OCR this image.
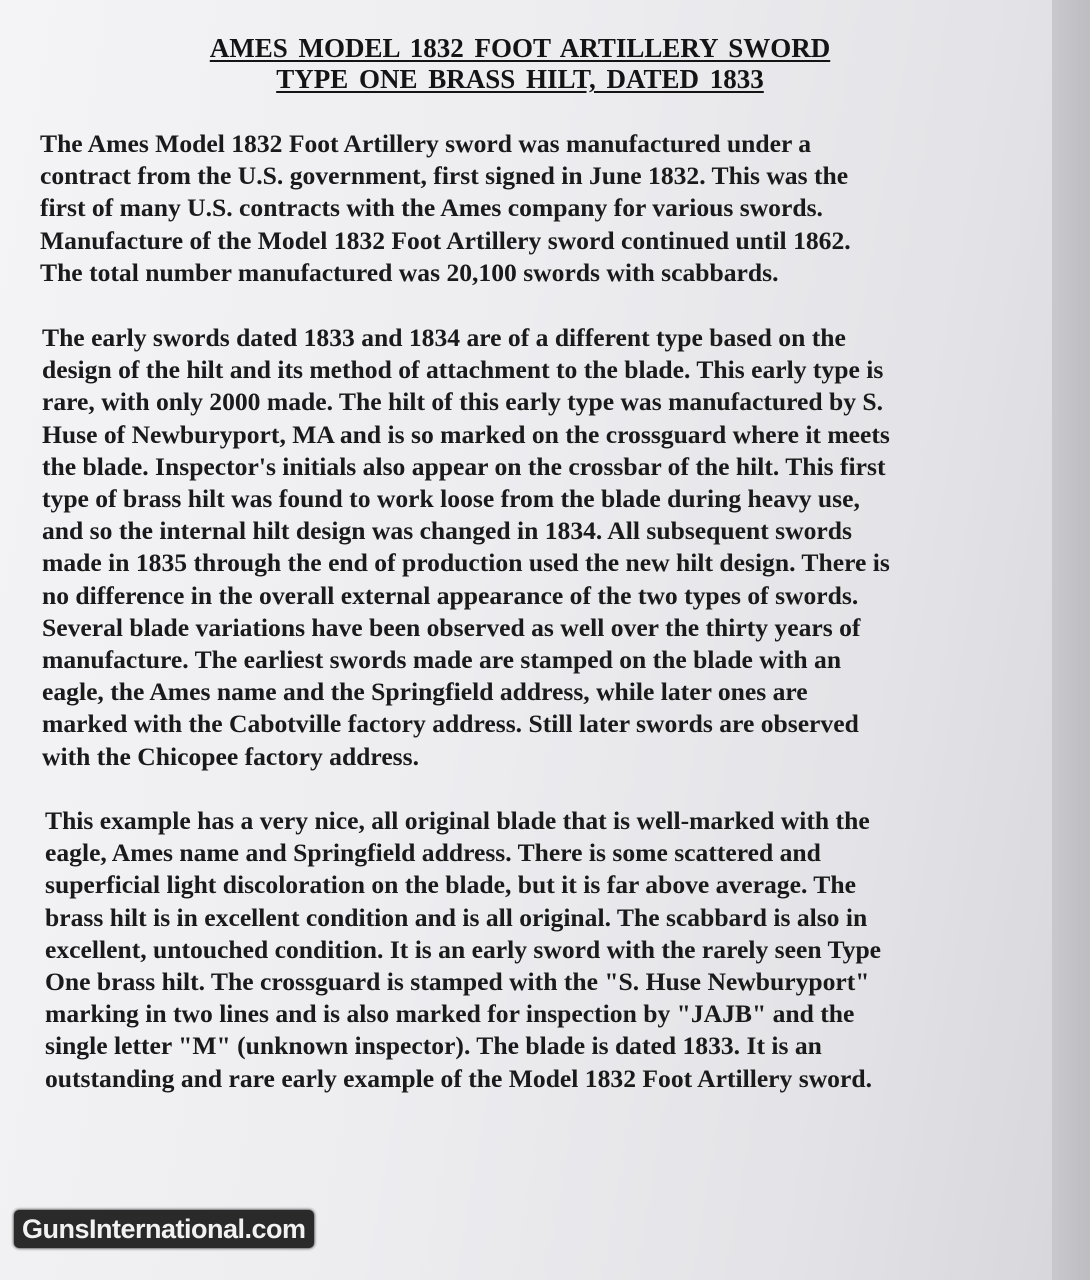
AMES MODEL 1832 FOOT ARTILLERY SWORD
TYPE ONE BRASS HILT, DATED 1833
The Ames Model 1832 Foot Artillery sword was manufactured under a
contract from the U.S. government, first signed in June 1832. This was the
first of many U.S. contracts with the Ames company for various swords.
Manufacture of the Model 1832 Foot Artillery sword continued until 1862.
The total number manufactured was 20,100 swords with scabbards.
The early swords dated 1833 and 1834 are of a different type based on the
design of the hilt and its method of attachment to the blade. This early type is
rare, with only 2000 made. The hilt of this early type was manufactured by S.
Huse of Newburyport, MA and is so marked on the crossguard where it meets
the blade. Inspector's initials also appear on the crossbar of the hilt. This first
type of brass hilt was found to work loose from the blade during heavy use,
and so the internal hilt design was changed in 1834. All subsequent swords
made in 1835 through the end of production used the new hilt design. There is
no difference in the overall external appearance of the two types of swords.
Several blade variations have been observed as well over the thirty years of
manufacture. The earliest swords made are stamped on the blade with an
eagle, the Ames name and the Springfield address, while later ones are
marked with the Cabotville factory address. Still later swords are observed
with the Chicopee factory address.
This example has a very nice, all original blade that is well-marked with the
eagle, Ames name and Springfield address. There is some scattered and
superficial light discoloration on the blade, but it is far above average. The
brass hilt is in excellent condition and is all original. The scabbard is also in
excellent, untouched condition. It is an early sword with the rarely seen Type
One brass hilt. The crossguard is stamped with the "S. Huse Newburyport"
marking in two lines and is also marked for inspection by "JAJB" and the
single letter "M" (unknown inspector). The blade is dated 1833. It is an
outstanding and rare early example of the Model 1832 Foot Artillery sword.
GunsInternational.com
